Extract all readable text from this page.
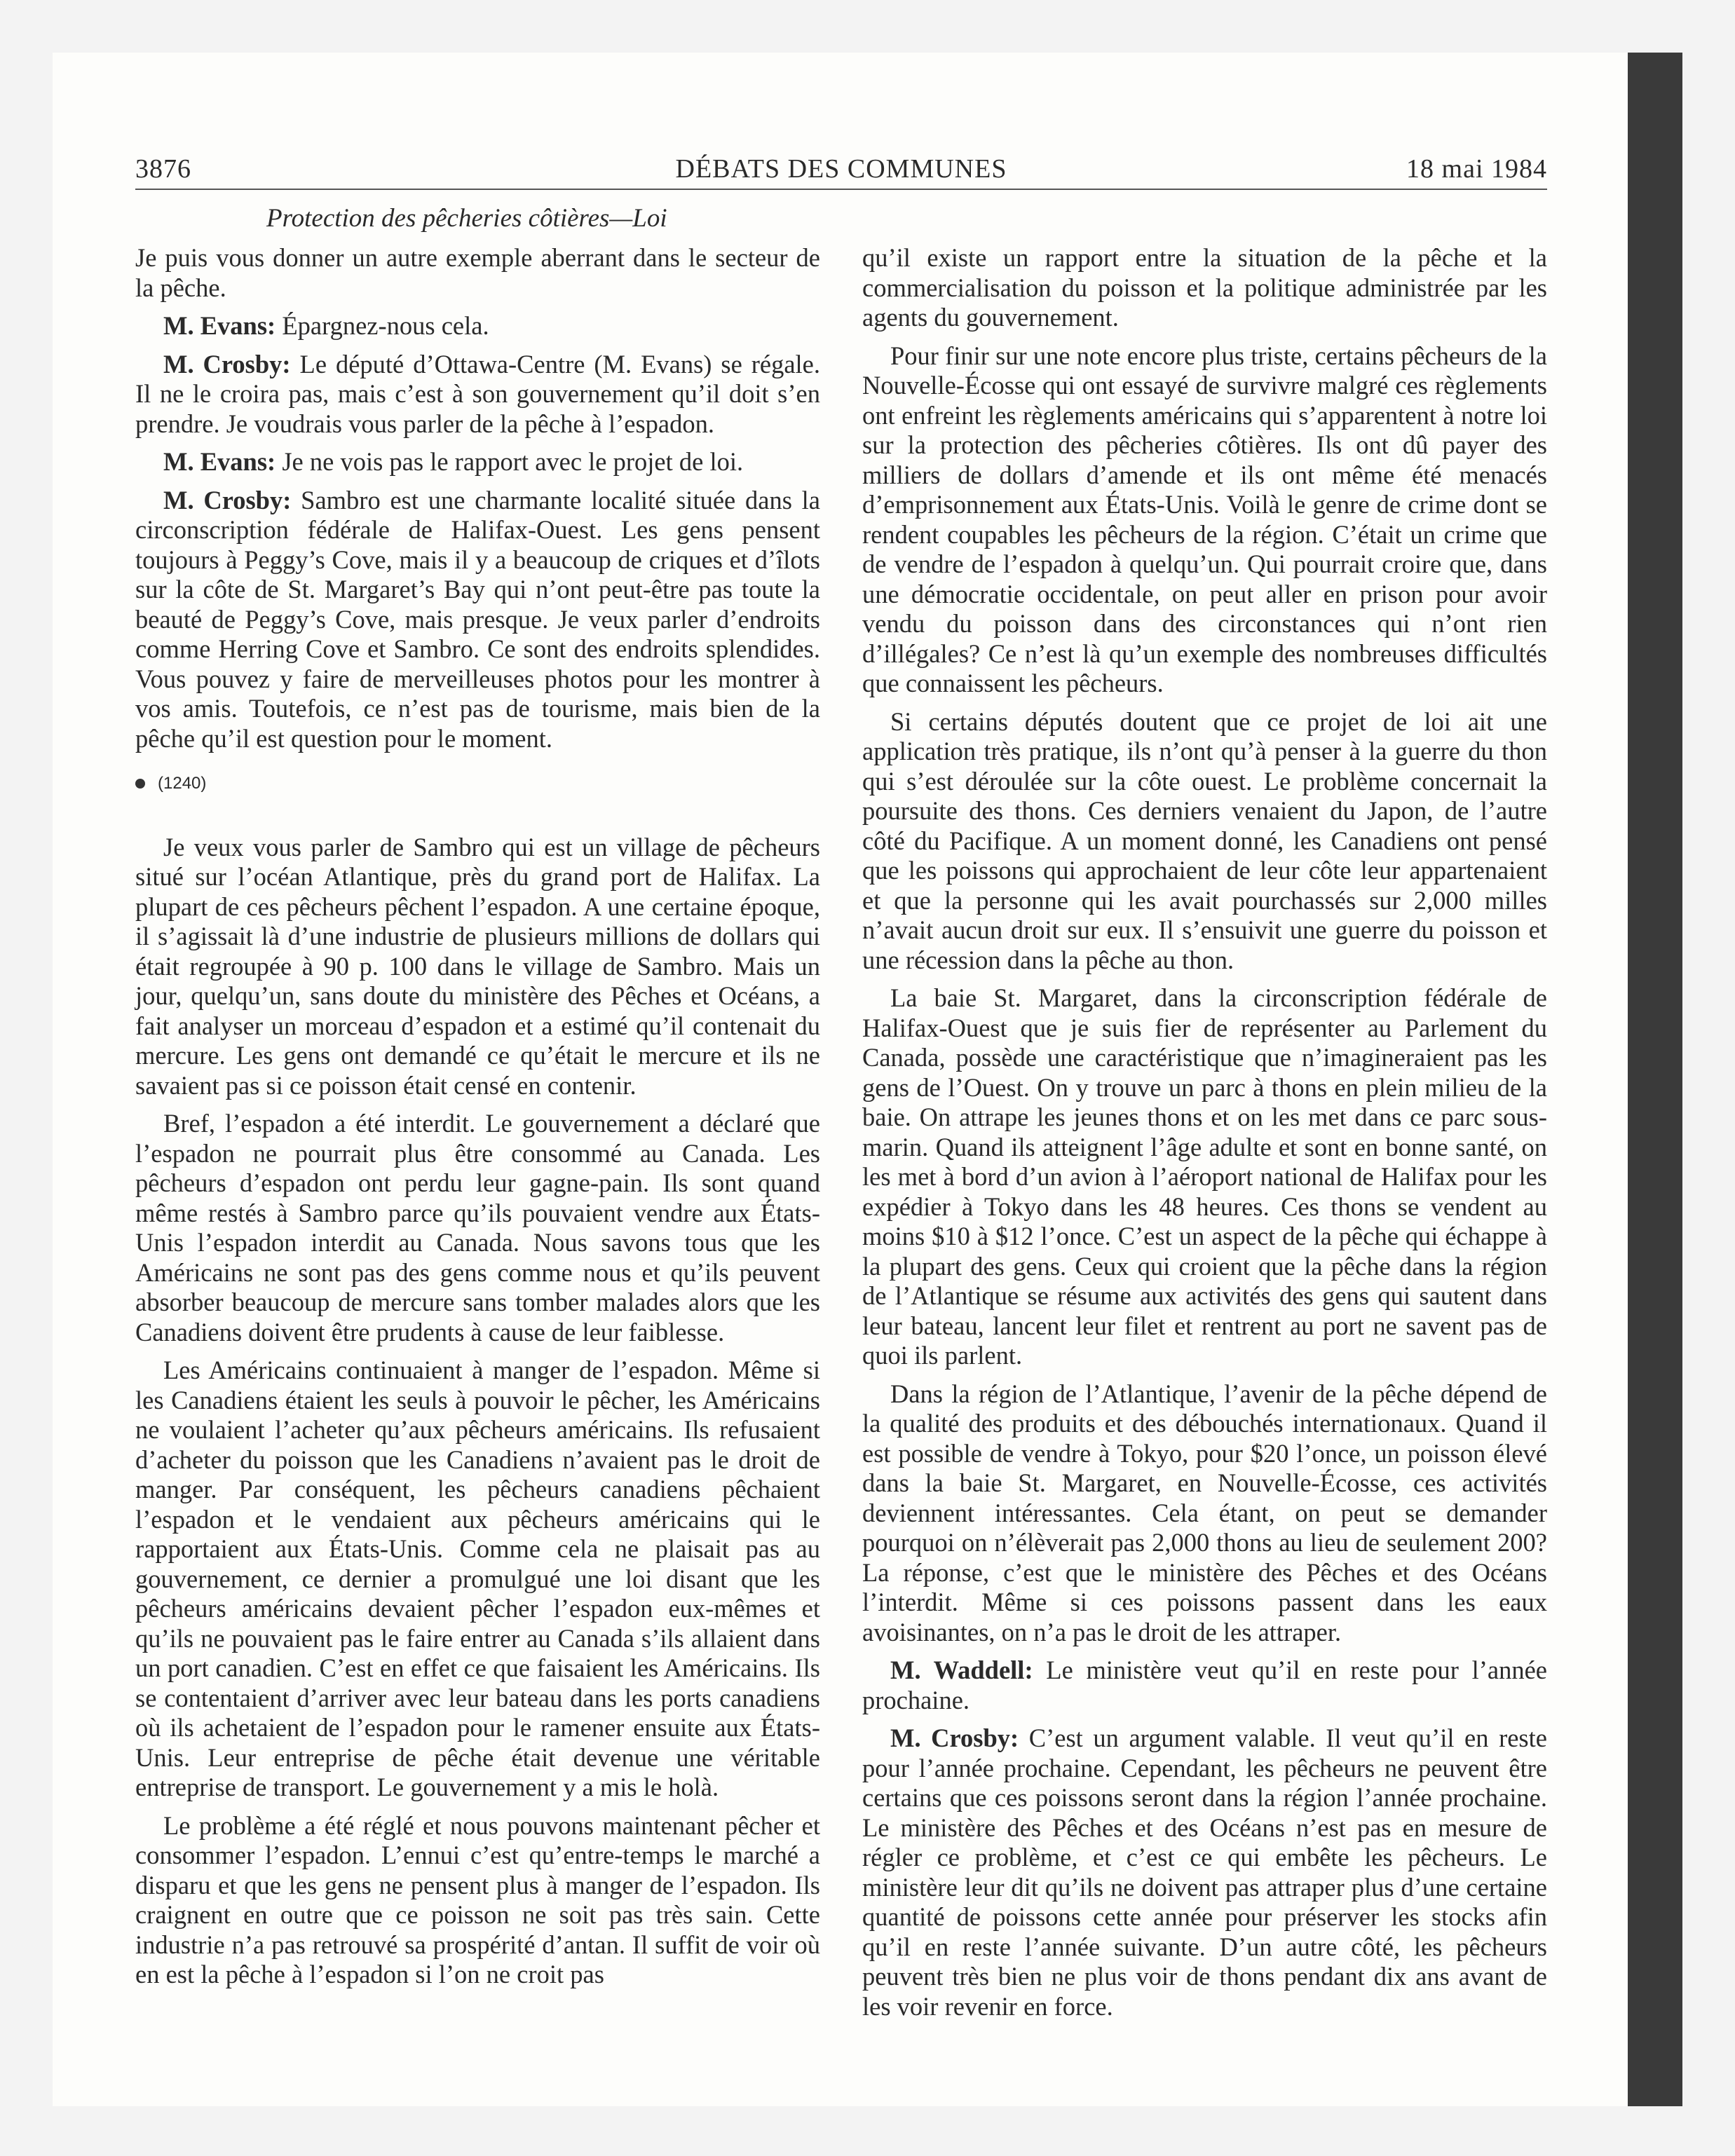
3876	DÉBATS DES COMMUNES	18 mai 1984
Protection des pêcheries côtières—Loi

Je puis vous donner un autre exemple aberrant dans le secteur de la pêche.

M. Evans: Épargnez-nous cela.

M. Crosby: Le député d’Ottawa-Centre (M. Evans) se régale. Il ne le croira pas, mais c’est à son gouvernement qu’il doit s’en prendre. Je voudrais vous parler de la pêche à l’espadon.

M. Evans: Je ne vois pas le rapport avec le projet de loi.

M. Crosby: Sambro est une charmante localité située dans la circonscription fédérale de Halifax-Ouest. Les gens pensent toujours à Peggy’s Cove, mais il y a beaucoup de criques et d’îlots sur la côte de St. Margaret’s Bay qui n’ont peut-être pas toute la beauté de Peggy’s Cove, mais presque. Je veux parler d’endroits comme Herring Cove et Sambro. Ce sont des endroits splendides. Vous pouvez y faire de merveilleuses photos pour les montrer à vos amis. Toutefois, ce n’est pas de tourisme, mais bien de la pêche qu’il est question pour le moment.

(1240)

Je veux vous parler de Sambro qui est un village de pêcheurs situé sur l’océan Atlantique, près du grand port de Halifax. La plupart de ces pêcheurs pêchent l’espadon. A une certaine époque, il s’agissait là d’une industrie de plusieurs millions de dollars qui était regroupée à 90 p. 100 dans le village de Sambro. Mais un jour, quelqu’un, sans doute du ministère des Pêches et Océans, a fait analyser un morceau d’espadon et a estimé qu’il contenait du mercure. Les gens ont demandé ce qu’était le mercure et ils ne savaient pas si ce poisson était censé en contenir.

Bref, l’espadon a été interdit. Le gouvernement a déclaré que l’espadon ne pourrait plus être consommé au Canada. Les pêcheurs d’espadon ont perdu leur gagne-pain. Ils sont quand même restés à Sambro parce qu’ils pouvaient vendre aux États-Unis l’espadon interdit au Canada. Nous savons tous que les Américains ne sont pas des gens comme nous et qu’ils peuvent absorber beaucoup de mercure sans tomber malades alors que les Canadiens doivent être prudents à cause de leur faiblesse.

Les Américains continuaient à manger de l’espadon. Même si les Canadiens étaient les seuls à pouvoir le pêcher, les Américains ne voulaient l’acheter qu’aux pêcheurs américains. Ils refusaient d’acheter du poisson que les Canadiens n’avaient pas le droit de manger. Par conséquent, les pêcheurs canadiens pêchaient l’espadon et le vendaient aux pêcheurs américains qui le rapportaient aux États-Unis. Comme cela ne plaisait pas au gouvernement, ce dernier a promulgué une loi disant que les pêcheurs américains devaient pêcher l’espadon eux-mêmes et qu’ils ne pouvaient pas le faire entrer au Canada s’ils allaient dans un port canadien. C’est en effet ce que faisaient les Américains. Ils se contentaient d’arriver avec leur bateau dans les ports canadiens où ils achetaient de l’espadon pour le ramener ensuite aux États-Unis. Leur entreprise de pêche était devenue une véritable entreprise de transport. Le gouvernement y a mis le holà.

Le problème a été réglé et nous pouvons maintenant pêcher et consommer l’espadon. L’ennui c’est qu’entre-temps le marché a disparu et que les gens ne pensent plus à manger de l’espadon. Ils craignent en outre que ce poisson ne soit pas très sain. Cette industrie n’a pas retrouvé sa prospérité d’antan. Il suffit de voir où en est la pêche à l’espadon si l’on ne croit pas

qu’il existe un rapport entre la situation de la pêche et la commercialisation du poisson et la politique administrée par les agents du gouvernement.

Pour finir sur une note encore plus triste, certains pêcheurs de la Nouvelle-Écosse qui ont essayé de survivre malgré ces règlements ont enfreint les règlements américains qui s’apparentent à notre loi sur la protection des pêcheries côtières. Ils ont dû payer des milliers de dollars d’amende et ils ont même été menacés d’emprisonnement aux États-Unis. Voilà le genre de crime dont se rendent coupables les pêcheurs de la région. C’était un crime que de vendre de l’espadon à quelqu’un. Qui pourrait croire que, dans une démocratie occidentale, on peut aller en prison pour avoir vendu du poisson dans des circonstances qui n’ont rien d’illégales? Ce n’est là qu’un exemple des nombreuses difficultés que connaissent les pêcheurs.

Si certains députés doutent que ce projet de loi ait une application très pratique, ils n’ont qu’à penser à la guerre du thon qui s’est déroulée sur la côte ouest. Le problème concernait la poursuite des thons. Ces derniers venaient du Japon, de l’autre côté du Pacifique. A un moment donné, les Canadiens ont pensé que les poissons qui approchaient de leur côte leur appartenaient et que la personne qui les avait pourchassés sur 2,000 milles n’avait aucun droit sur eux. Il s’ensuivit une guerre du poisson et une récession dans la pêche au thon.

La baie St. Margaret, dans la circonscription fédérale de Halifax-Ouest que je suis fier de représenter au Parlement du Canada, possède une caractéristique que n’imagineraient pas les gens de l’Ouest. On y trouve un parc à thons en plein milieu de la baie. On attrape les jeunes thons et on les met dans ce parc sous-marin. Quand ils atteignent l’âge adulte et sont en bonne santé, on les met à bord d’un avion à l’aéroport national de Halifax pour les expédier à Tokyo dans les 48 heures. Ces thons se vendent au moins $10 à $12 l’once. C’est un aspect de la pêche qui échappe à la plupart des gens. Ceux qui croient que la pêche dans la région de l’Atlantique se résume aux activités des gens qui sautent dans leur bateau, lancent leur filet et rentrent au port ne savent pas de quoi ils parlent.

Dans la région de l’Atlantique, l’avenir de la pêche dépend de la qualité des produits et des débouchés internationaux. Quand il est possible de vendre à Tokyo, pour $20 l’once, un poisson élevé dans la baie St. Margaret, en Nouvelle-Écosse, ces activités deviennent intéressantes. Cela étant, on peut se demander pourquoi on n’élèverait pas 2,000 thons au lieu de seulement 200? La réponse, c’est que le ministère des Pêches et des Océans l’interdit. Même si ces poissons passent dans les eaux avoisinantes, on n’a pas le droit de les attraper.

M. Waddell: Le ministère veut qu’il en reste pour l’année prochaine.

M. Crosby: C’est un argument valable. Il veut qu’il en reste pour l’année prochaine. Cependant, les pêcheurs ne peuvent être certains que ces poissons seront dans la région l’année prochaine. Le ministère des Pêches et des Océans n’est pas en mesure de régler ce problème, et c’est ce qui embête les pêcheurs. Le ministère leur dit qu’ils ne doivent pas attraper plus d’une certaine quantité de poissons cette année pour préserver les stocks afin qu’il en reste l’année suivante. D’un autre côté, les pêcheurs peuvent très bien ne plus voir de thons pendant dix ans avant de les voir revenir en force.
